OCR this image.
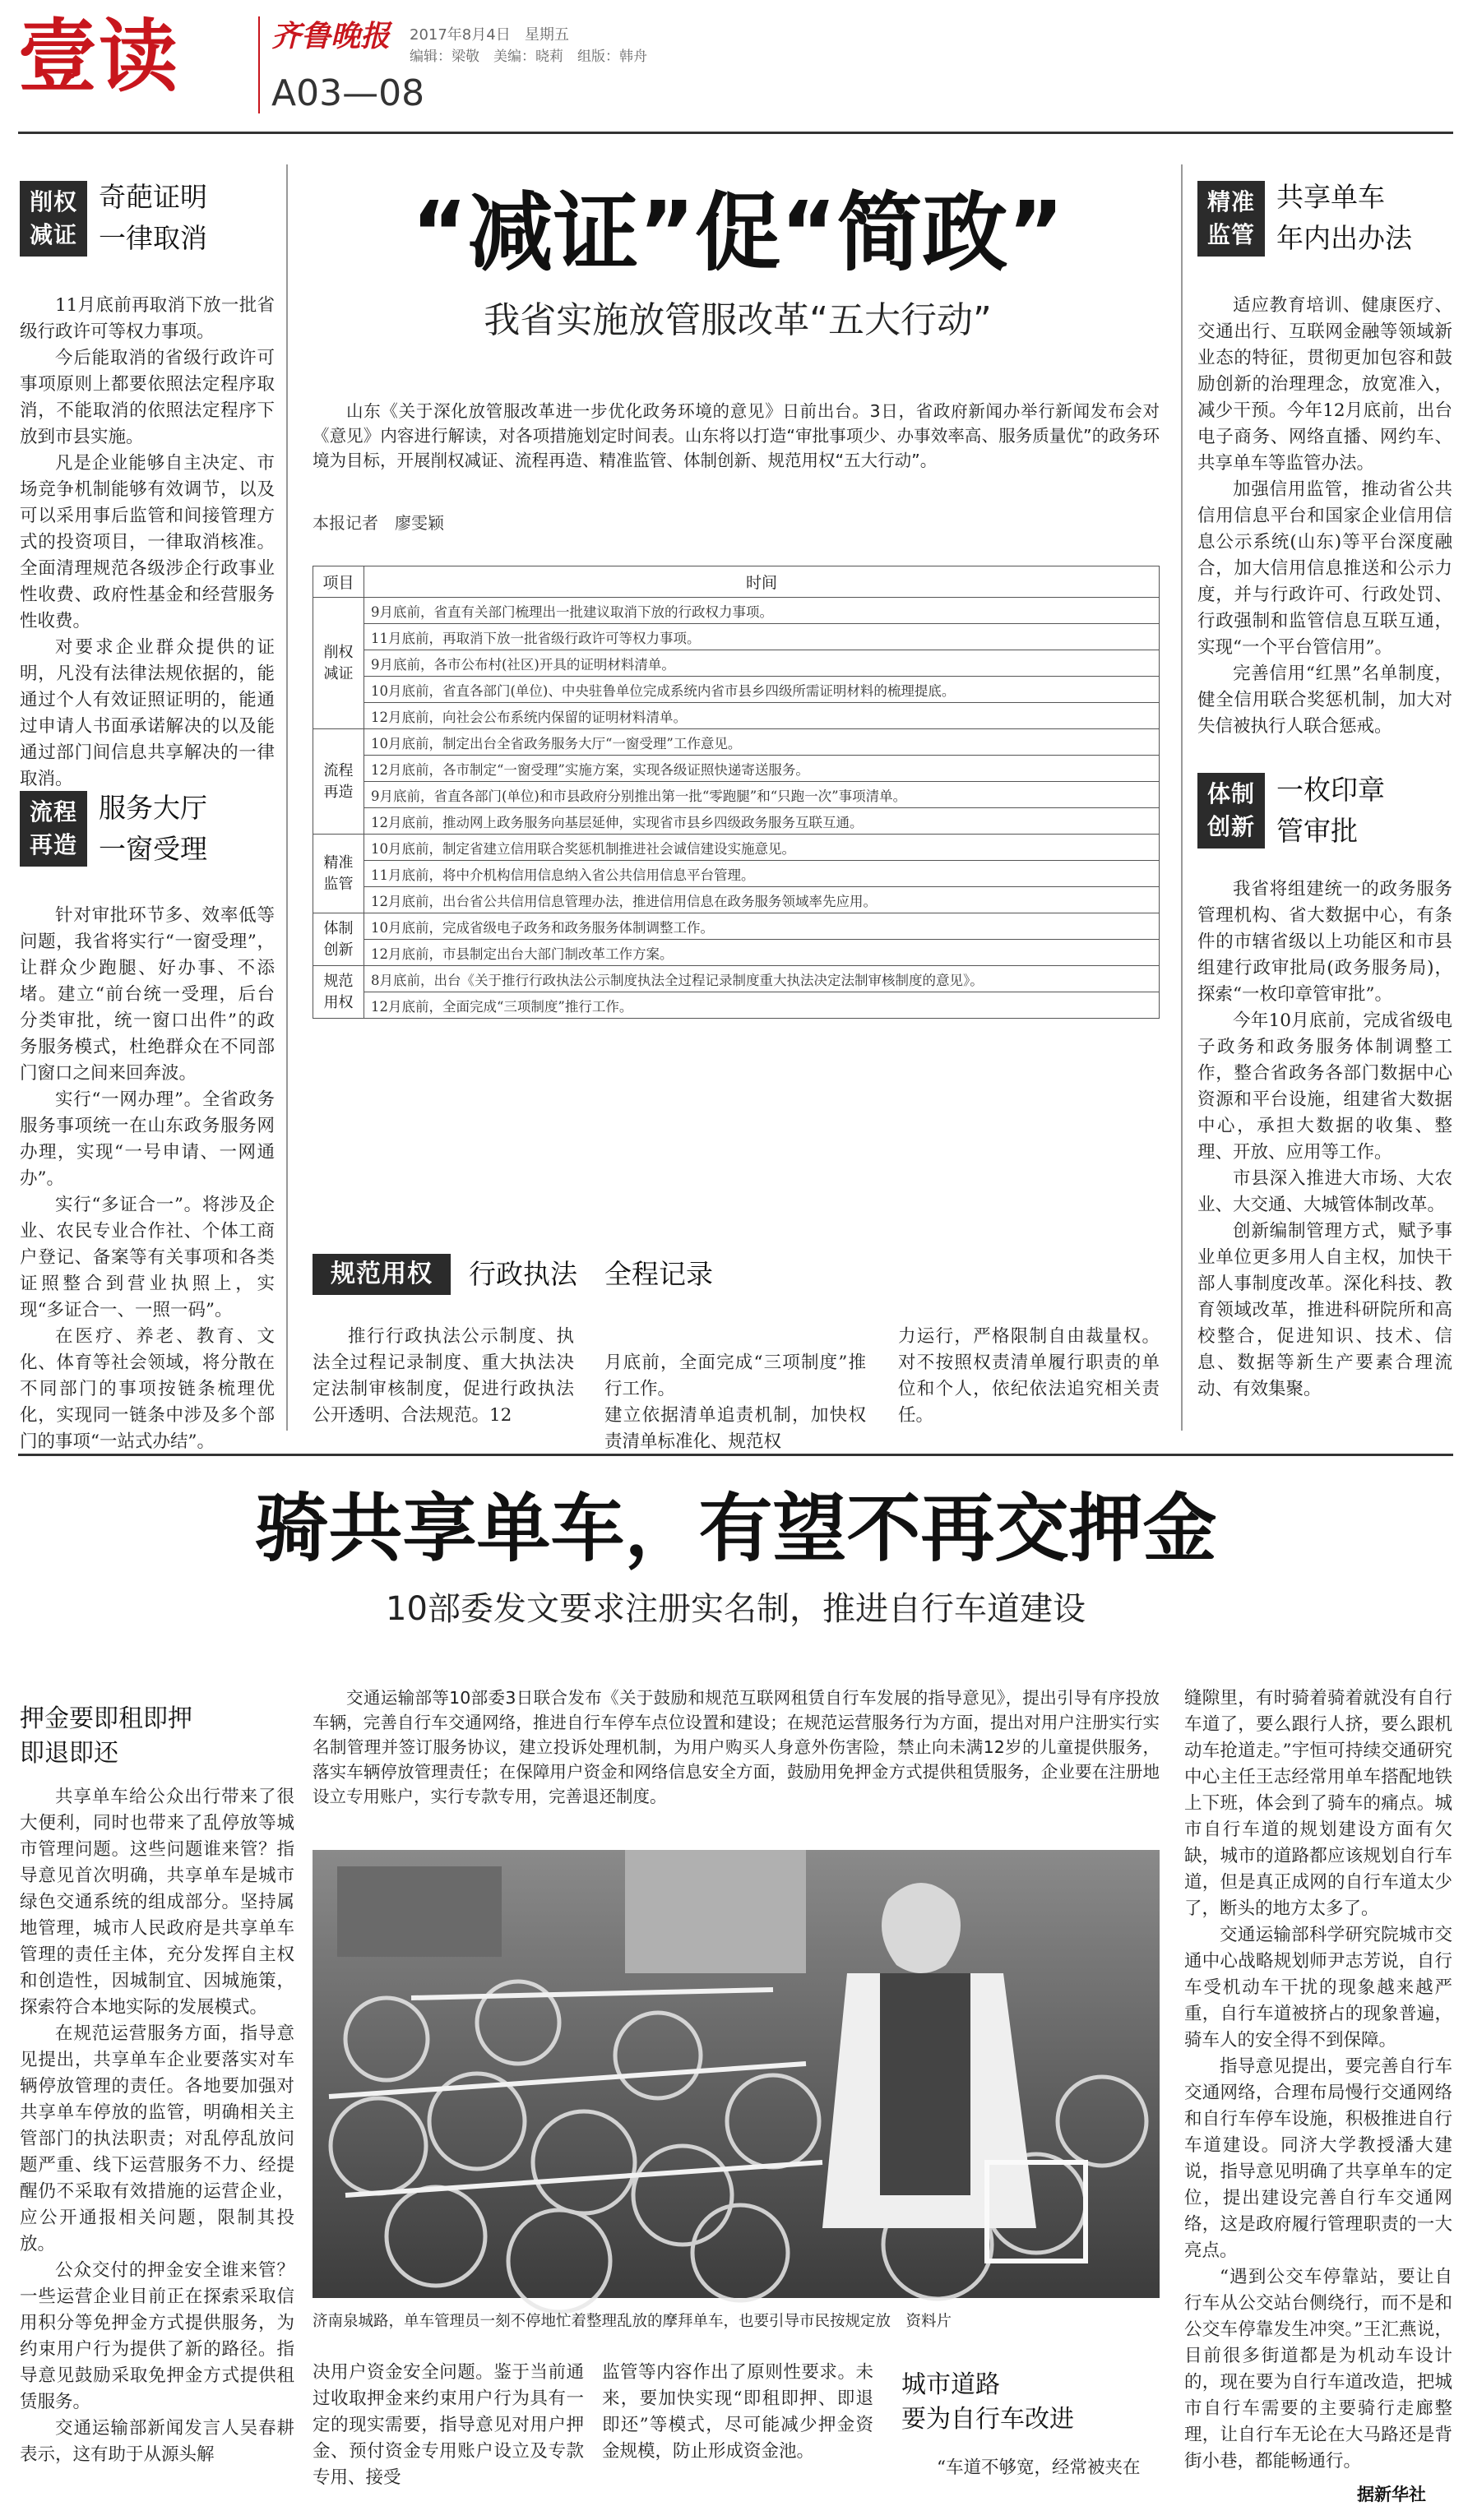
壹读	齐鲁晚报 2017年8月4日 星期五
编辑：梁敬　美编：晓莉　组版：韩舟
A03—08
削权
减证
奇葩证明
一律取消

11月底前再取消下放一批省级行政许可等权力事项。

今后能取消的省级行政许可事项原则上都要依照法定程序取消，不能取消的依照法定程序下放到市县实施。

凡是企业能够自主决定、市场竞争机制能够有效调节，以及可以采用事后监管和间接管理方式的投资项目，一律取消核准。全面清理规范各级涉企行政事业性收费、政府性基金和经营服务性收费。

对要求企业群众提供的证明，凡没有法律法规依据的，能通过个人有效证照证明的，能通过申请人书面承诺解决的以及能通过部门间信息共享解决的一律取消。

流程
再造
服务大厅
一窗受理

针对审批环节多、效率低等问题，我省将实行“一窗受理”，让群众少跑腿、好办事、不添堵。建立“前台统一受理，后台分类审批，统一窗口出件”的政务服务模式，杜绝群众在不同部门窗口之间来回奔波。

实行“一网办理”。全省政务服务事项统一在山东政务服务网办理，实现“一号申请、一网通办”。

实行“多证合一”。将涉及企业、农民专业合作社、个体工商户登记、备案等有关事项和各类证照整合到营业执照上，实现“多证合一、一照一码”。

在医疗、养老、教育、文化、体育等社会领域，将分散在不同部门的事项按链条梳理优化，实现同一链条中涉及多个部门的事项“一站式办结”。

“减证”促“简政”
我省实施放管服改革“五大行动”

山东《关于深化放管服改革进一步优化政务环境的意见》日前出台。3日，省政府新闻办举行新闻发布会对《意见》内容进行解读，对各项措施划定时间表。山东将以打造“审批事项少、办事效率高、服务质量优”的政务环境为目标，开展削权减证、流程再造、精准监管、体制创新、规范用权“五大行动”。

本报记者　廖雯颖
项目	时间

削权
减证	9月底前，省直有关部门梳理出一批建议取消下放的行政权力事项。
	11月底前，再取消下放一批省级行政许可等权力事项。
	9月底前，各市公布村(社区)开具的证明材料清单。
	10月底前，省直各部门(单位)、中央驻鲁单位完成系统内省市县乡四级所需证明材料的梳理提底。
	12月底前，向社会公布系统内保留的证明材料清单。

流程
再造	10月底前，制定出台全省政务服务大厅“一窗受理”工作意见。
	12月底前，各市制定“一窗受理”实施方案，实现各级证照快递寄送服务。
	9月底前，省直各部门(单位)和市县政府分别推出第一批“零跑腿”和“只跑一次”事项清单。
	12月底前，推动网上政务服务向基层延伸，实现省市县乡四级政务服务互联互通。

精准
监管	10月底前，制定省建立信用联合奖惩机制推进社会诚信建设实施意见。
	11月底前，将中介机构信用信息纳入省公共信用信息平台管理。
	12月底前，出台省公共信用信息管理办法，推进信用信息在政务服务领域率先应用。

体制
创新	10月底前，完成省级电子政务和政务服务体制调整工作。
	12月底前，市县制定出台大部门制改革工作方案。

规范
用权	8月底前，出台《关于推行行政执法公示制度执法全过程记录制度重大执法决定法制审核制度的意见》。
	12月底前，全面完成“三项制度”推行工作。
规范用权	行政执法　全程记录

推行行政执法公示制度、执法全过程记录制度、重大执法决定法制审核制度，促进行政执法公开透明、合法规范。12

月底前，全面完成“三项制度”推行工作。
建立依据清单追责机制，加快权责清单标准化、规范权

力运行，严格限制自由裁量权。对不按照权责清单履行职责的单位和个人，依纪依法追究相关责任。

精准
监管
共享单车
年内出办法

适应教育培训、健康医疗、交通出行、互联网金融等领域新业态的特征，贯彻更加包容和鼓励创新的治理理念，放宽准入，减少干预。今年12月底前，出台电子商务、网络直播、网约车、共享单车等监管办法。

加强信用监管，推动省公共信用信息平台和国家企业信用信息公示系统(山东)等平台深度融合，加大信用信息推送和公示力度，并与行政许可、行政处罚、行政强制和监管信息互联互通，实现“一个平台管信用”。

完善信用“红黑”名单制度，健全信用联合奖惩机制，加大对失信被执行人联合惩戒。

体制
创新
一枚印章
管审批

我省将组建统一的政务服务管理机构、省大数据中心，有条件的市辖省级以上功能区和市县组建行政审批局(政务服务局)，探索“一枚印章管审批”。

今年10月底前，完成省级电子政务和政务服务体制调整工作，整合省政务各部门数据中心资源和平台设施，组建省大数据中心，承担大数据的收集、整理、开放、应用等工作。

市县深入推进大市场、大农业、大交通、大城管体制改革。

创新编制管理方式，赋予事业单位更多用人自主权，加快干部人事制度改革。深化科技、教育领域改革，推进科研院所和高校整合，促进知识、技术、信息、数据等新生产要素合理流动、有效集聚。

骑共享单车，有望不再交押金
10部委发文要求注册实名制，推进自行车道建设
押金要即租即押
即退即还

共享单车给公众出行带来了很大便利，同时也带来了乱停放等城市管理问题。这些问题谁来管？指导意见首次明确，共享单车是城市绿色交通系统的组成部分。坚持属地管理，城市人民政府是共享单车管理的责任主体，充分发挥自主权和创造性，因城制宜、因城施策，探索符合本地实际的发展模式。

在规范运营服务方面，指导意见提出，共享单车企业要落实对车辆停放管理的责任。各地要加强对共享单车停放的监管，明确相关主管部门的执法职责；对乱停乱放问题严重、线下运营服务不力、经提醒仍不采取有效措施的运营企业，应公开通报相关问题，限制其投放。

公众交付的押金安全谁来管？一些运营企业目前正在探索采取信用积分等免押金方式提供服务，为约束用户行为提供了新的路径。指导意见鼓励采取免押金方式提供租赁服务。

交通运输部新闻发言人吴春耕表示，这有助于从源头解

交通运输部等10部委3日联合发布《关于鼓励和规范互联网租赁自行车发展的指导意见》，提出引导有序投放车辆，完善自行车交通网络，推进自行车停车点位设置和建设；在规范运营服务行为方面，提出对用户注册实行实名制管理并签订服务协议，建立投诉处理机制，为用户购买人身意外伤害险，禁止向未满12岁的儿童提供服务，落实车辆停放管理责任；在保障用户资金和网络信息安全方面，鼓励用免押金方式提供租赁服务，企业要在注册地设立专用账户，实行专款专用，完善退还制度。

济南泉城路，单车管理员一刻不停地忙着整理乱放的摩拜单车，也要引导市民按规定放　资料片

决用户资金安全问题。鉴于当前通过收取押金来约束用户行为具有一定的现实需要，指导意见对用户押金、预付资金专用账户设立及专款专用、接受

监管等内容作出了原则性要求。未来，要加快实现“即租即押、即退即还”等模式，尽可能减少押金资金规模，防止形成资金池。

城市道路
要为自行车改进

“车道不够宽，经常被夹在

缝隙里，有时骑着骑着就没有自行车道了，要么跟行人挤，要么跟机动车抢道走。”宇恒可持续交通研究中心主任王志经常用单车搭配地铁上下班，体会到了骑车的痛点。城市自行车道的规划建设方面有欠缺，城市的道路都应该规划自行车道，但是真正成网的自行车道太少了，断头的地方太多了。

交通运输部科学研究院城市交通中心战略规划师尹志芳说，自行车受机动车干扰的现象越来越严重，自行车道被挤占的现象普遍，骑车人的安全得不到保障。

指导意见提出，要完善自行车交通网络，合理布局慢行交通网络和自行车停车设施，积极推进自行车道建设。同济大学教授潘大建说，指导意见明确了共享单车的定位，提出建设完善自行车交通网络，这是政府履行管理职责的一大亮点。

“遇到公交车停靠站，要让自行车从公交站台侧绕行，而不是和公交车停靠发生冲突。”王汇燕说，目前很多街道都是为机动车设计的，现在要为自行车道改造，把城市自行车需要的主要骑行走廊整理，让自行车无论在大马路还是背街小巷，都能畅通行。

据新华社
